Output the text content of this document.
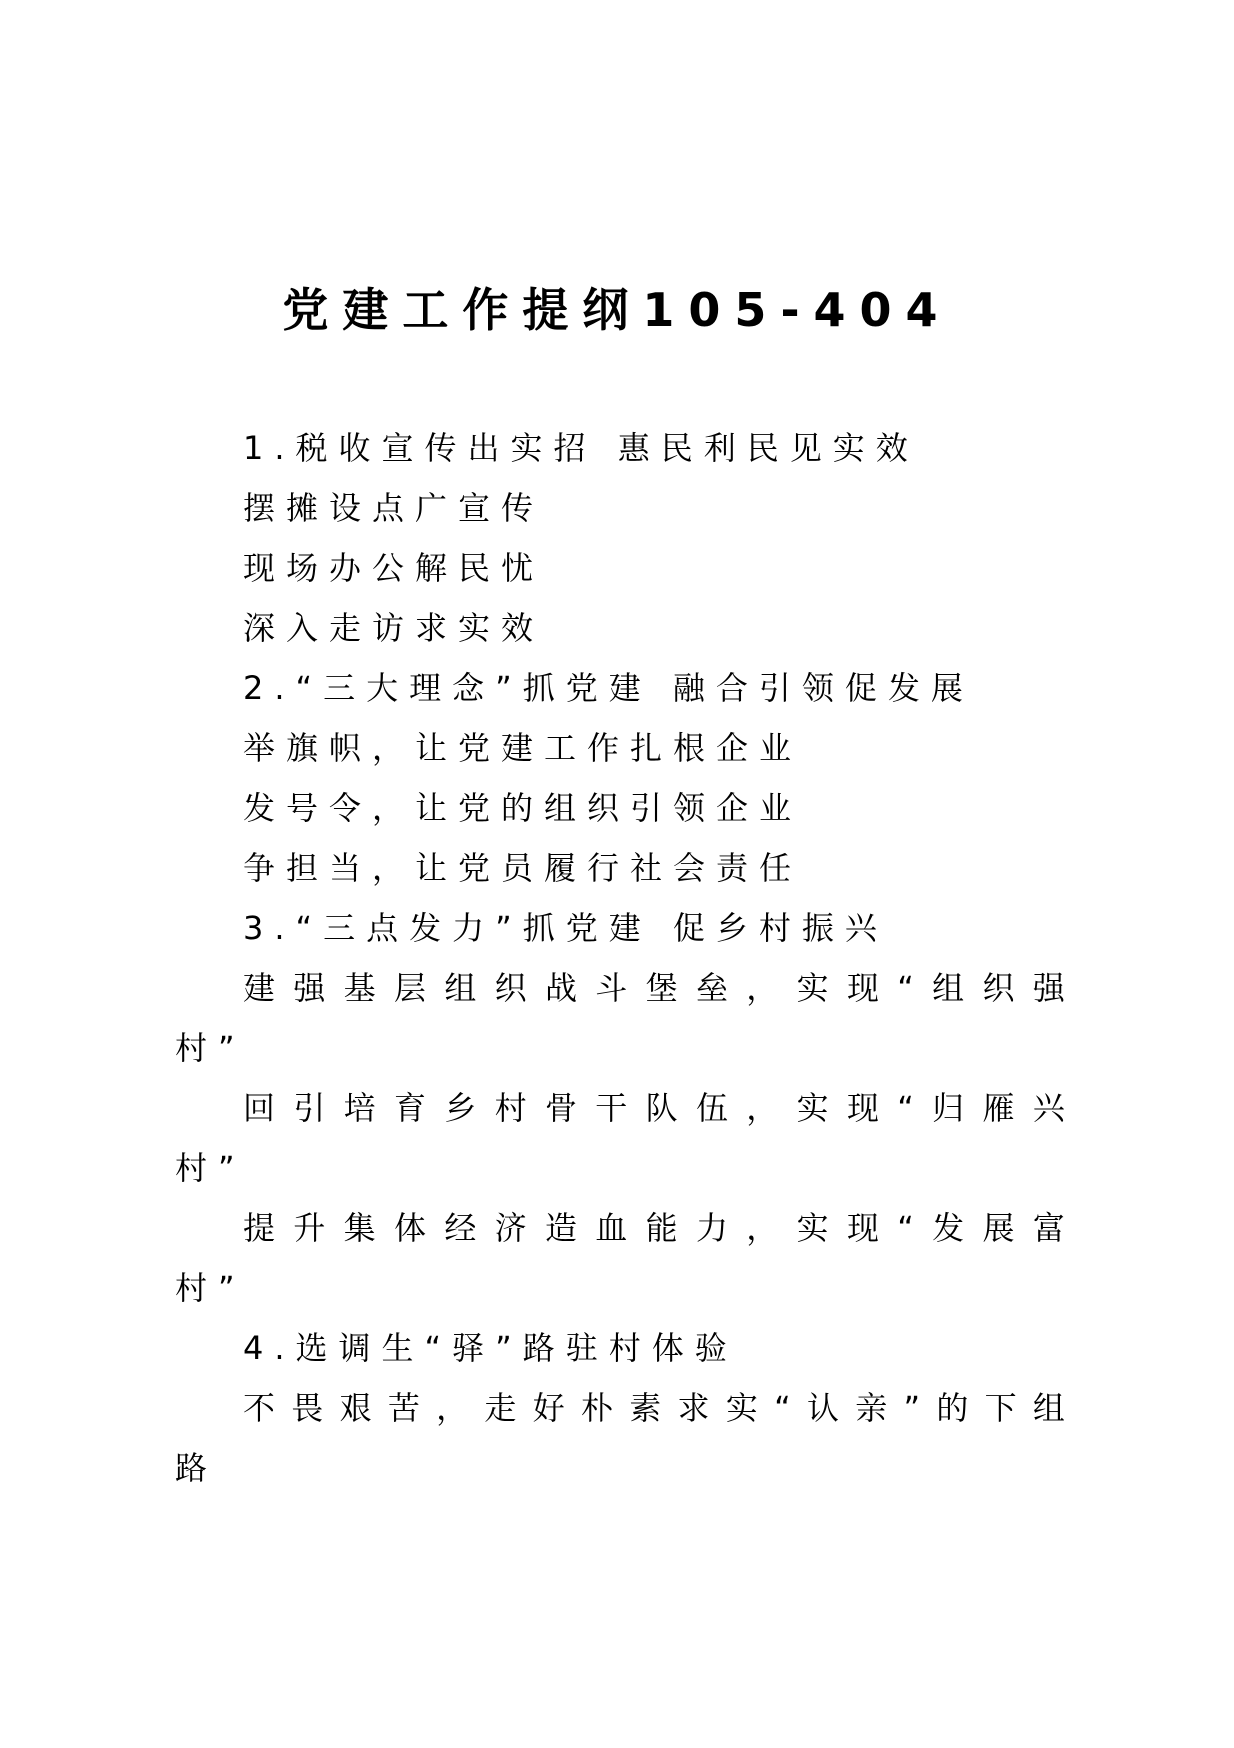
党建工作提纲105-404
1.税收宣传出实招 惠民利民见实效
摆摊设点广宣传
现场办公解民忧
深入走访求实效
2.“三大理念”抓党建 融合引领促发展
举旗帜，让党建工作扎根企业
发号令，让党的组织引领企业
争担当，让党员履行社会责任
3.“三点发力”抓党建 促乡村振兴
建 强 基 层 组 织 战 斗 堡 垒 ， 实 现 “ 组 织 强
村”
回 引 培 育 乡 村 骨 干 队 伍 ， 实 现 “ 归 雁 兴
村”
提 升 集 体 经 济 造 血 能 力 ， 实 现 “ 发 展 富
村”
4.选调生“驿”路驻村体验
不 畏 艰 苦 ， 走 好 朴 素 求 实 “ 认 亲 ” 的 下 组
路
